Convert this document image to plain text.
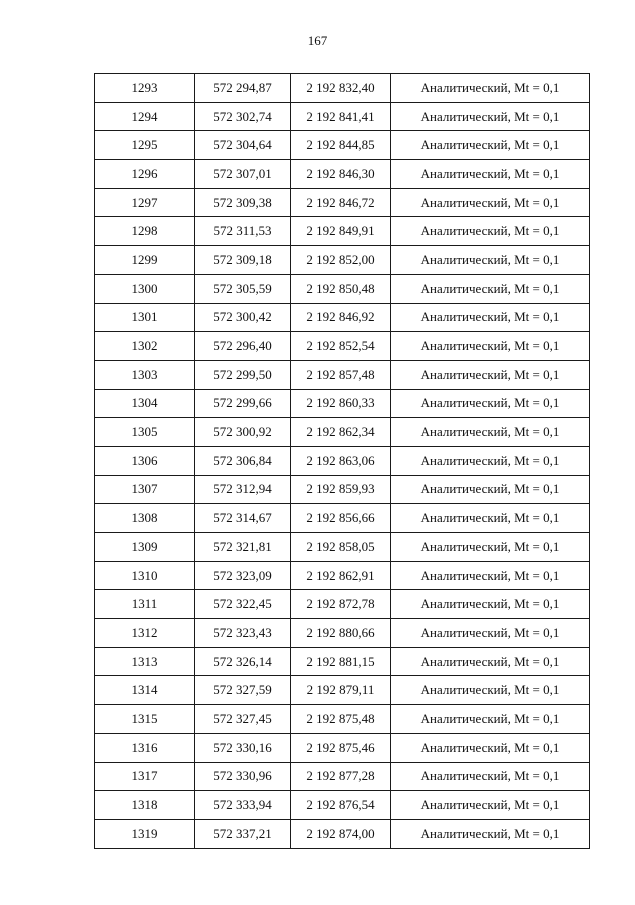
167
1293	572 294,87	2 192 832,40	Аналитический, Mt = 0,1
1294	572 302,74	2 192 841,41	Аналитический, Mt = 0,1
1295	572 304,64	2 192 844,85	Аналитический, Mt = 0,1
1296	572 307,01	2 192 846,30	Аналитический, Mt = 0,1
1297	572 309,38	2 192 846,72	Аналитический, Mt = 0,1
1298	572 311,53	2 192 849,91	Аналитический, Mt = 0,1
1299	572 309,18	2 192 852,00	Аналитический, Mt = 0,1
1300	572 305,59	2 192 850,48	Аналитический, Mt = 0,1
1301	572 300,42	2 192 846,92	Аналитический, Mt = 0,1
1302	572 296,40	2 192 852,54	Аналитический, Mt = 0,1
1303	572 299,50	2 192 857,48	Аналитический, Mt = 0,1
1304	572 299,66	2 192 860,33	Аналитический, Mt = 0,1
1305	572 300,92	2 192 862,34	Аналитический, Mt = 0,1
1306	572 306,84	2 192 863,06	Аналитический, Mt = 0,1
1307	572 312,94	2 192 859,93	Аналитический, Mt = 0,1
1308	572 314,67	2 192 856,66	Аналитический, Mt = 0,1
1309	572 321,81	2 192 858,05	Аналитический, Mt = 0,1
1310	572 323,09	2 192 862,91	Аналитический, Mt = 0,1
1311	572 322,45	2 192 872,78	Аналитический, Mt = 0,1
1312	572 323,43	2 192 880,66	Аналитический, Mt = 0,1
1313	572 326,14	2 192 881,15	Аналитический, Mt = 0,1
1314	572 327,59	2 192 879,11	Аналитический, Mt = 0,1
1315	572 327,45	2 192 875,48	Аналитический, Mt = 0,1
1316	572 330,16	2 192 875,46	Аналитический, Mt = 0,1
1317	572 330,96	2 192 877,28	Аналитический, Mt = 0,1
1318	572 333,94	2 192 876,54	Аналитический, Mt = 0,1
1319	572 337,21	2 192 874,00	Аналитический, Mt = 0,1
